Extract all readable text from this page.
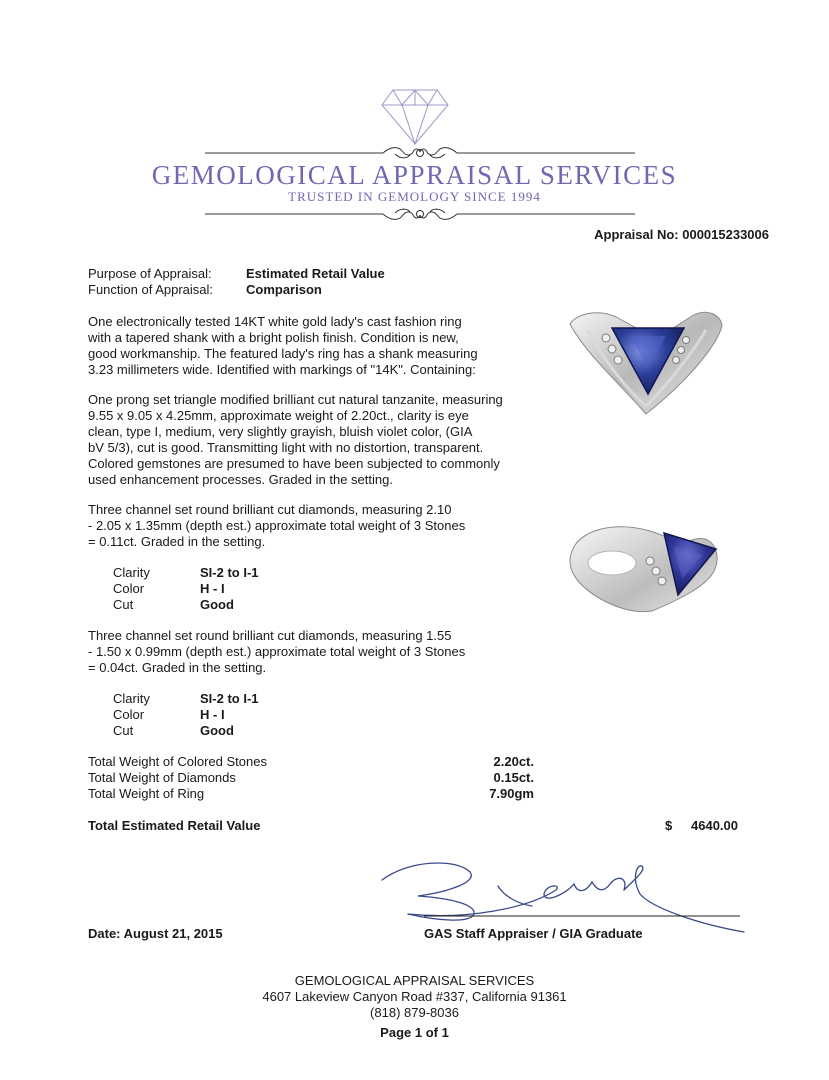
GEMOLOGICAL APPRAISAL SERVICES
TRUSTED IN GEMOLOGY SINCE 1994
Appraisal No: 000015233006
Purpose of Appraisal:	Estimated Retail Value
Function of Appraisal:	Comparison
One electronically tested 14KT white gold lady's cast fashion ring
with a tapered shank with a bright polish finish. Condition is new,
good workmanship. The featured lady's ring has a shank measuring
3.23 millimeters wide. Identified with markings of "14K". Containing:
One prong set triangle modified brilliant cut natural tanzanite, measuring
9.55 x 9.05 x 4.25mm, approximate weight of 2.20ct., clarity is eye
clean, type I, medium, very slightly grayish, bluish violet color, (GIA
bV 5/3), cut is good. Transmitting light with no distortion, transparent.
Colored gemstones are presumed to have been subjected to commonly
used enhancement processes. Graded in the setting.
Three channel set round brilliant cut diamonds, measuring 2.10
- 2.05 x 1.35mm (depth est.) approximate total weight of 3 Stones
= 0.11ct. Graded in the setting.
Clarity	SI-2 to I-1
Color	H - I
Cut	Good
Three channel set round brilliant cut diamonds, measuring 1.55
- 1.50 x 0.99mm (depth est.) approximate total weight of 3 Stones
= 0.04ct. Graded in the setting.
Clarity	SI-2 to I-1
Color	H - I
Cut	Good
Total Weight of Colored Stones	2.20ct.
Total Weight of Diamonds	0.15ct.
Total Weight of Ring	7.90gm
Total Estimated Retail Value	$	4640.00
Date: August 21, 2015	GAS Staff Appraiser / GIA Graduate
GEMOLOGICAL APPRAISAL SERVICES
4607 Lakeview Canyon Road #337, California 91361
(818) 879-8036
Page 1 of 1
